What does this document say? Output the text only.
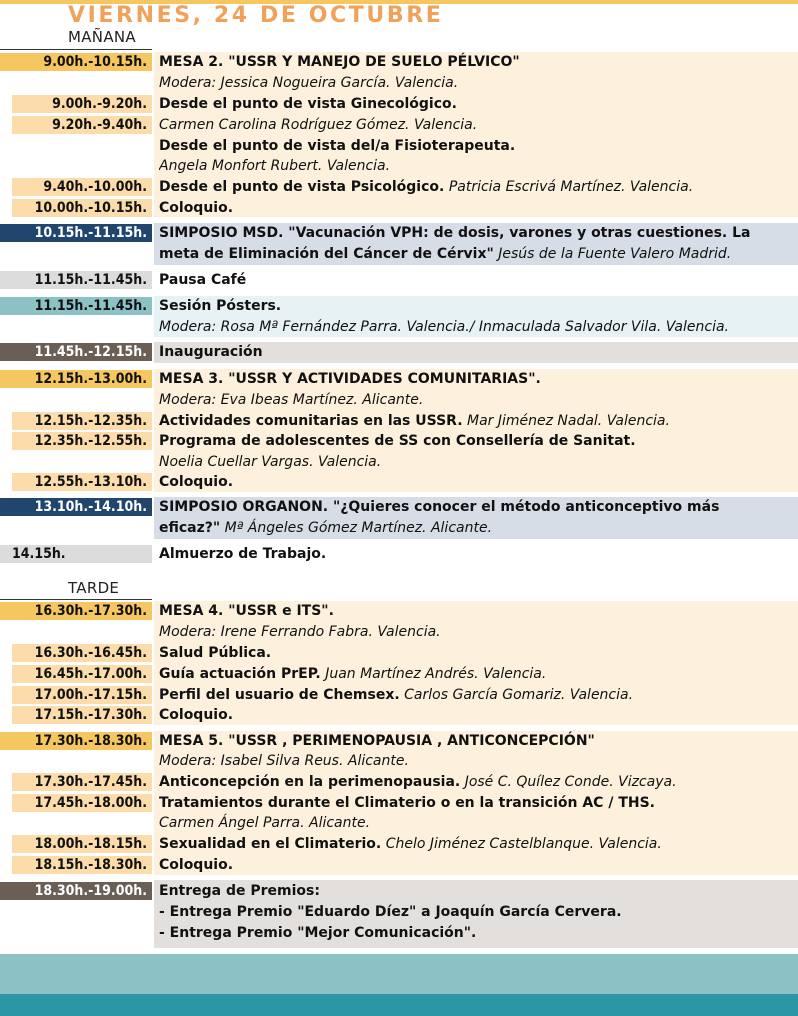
VIERNES, 24 DE OCTUBRE
MAÑANA
9.00h.-10.15h. MESA 2. "USSR Y MANEJO DE SUELO PÉLVICO"
Modera: Jessica Nogueira García. Valencia.
9.00h.-9.20h. Desde el punto de vista Ginecológico.
9.20h.-9.40h. Carmen Carolina Rodríguez Gómez. Valencia.
Desde el punto de vista del/a Fisioterapeuta.
Angela Monfort Rubert. Valencia.
9.40h.-10.00h. Desde el punto de vista Psicológico. Patricia Escrivá Martínez. Valencia.
10.00h.-10.15h. Coloquio.
10.15h.-11.15h. SIMPOSIO MSD. "Vacunación VPH: de dosis, varones y otras cuestiones. La
meta de Eliminación del Cáncer de Cérvix" Jesús de la Fuente Valero Madrid.
11.15h.-11.45h. Pausa Café
11.15h.-11.45h. Sesión Pósters.
Modera: Rosa Mª Fernández Parra. Valencia./ Inmaculada Salvador Vila. Valencia.
11.45h.-12.15h. Inauguración
12.15h.-13.00h. MESA 3. "USSR Y ACTIVIDADES COMUNITARIAS".
Modera: Eva Ibeas Martínez. Alicante.
12.15h.-12.35h. Actividades comunitarias en las USSR. Mar Jiménez Nadal. Valencia.
12.35h.-12.55h. Programa de adolescentes de SS con Consellería de Sanitat.
Noelia Cuellar Vargas. Valencia.
12.55h.-13.10h. Coloquio.
13.10h.-14.10h. SIMPOSIO ORGANON. "¿Quieres conocer el método anticonceptivo más
eficaz?" Mª Ángeles Gómez Martínez. Alicante.
14.15h.	Almuerzo de Trabajo.
TARDE
16.30h.-17.30h. MESA 4. "USSR e ITS".
Modera: Irene Ferrando Fabra. Valencia.
16.30h.-16.45h. Salud Pública.
16.45h.-17.00h. Guía actuación PrEP. Juan Martínez Andrés. Valencia.
17.00h.-17.15h. Perfil del usuario de Chemsex. Carlos García Gomariz. Valencia.
17.15h.-17.30h. Coloquio.
17.30h.-18.30h. MESA 5. "USSR , PERIMENOPAUSIA , ANTICONCEPCIÓN"
Modera: Isabel Silva Reus. Alicante.
17.30h.-17.45h. Anticoncepción en la perimenopausia. José C. Quílez Conde. Vizcaya.
17.45h.-18.00h. Tratamientos durante el Climaterio o en la transición AC / THS.
Carmen Ángel Parra. Alicante.
18.00h.-18.15h. Sexualidad en el Climaterio. Chelo Jiménez Castelblanque. Valencia.
18.15h.-18.30h. Coloquio.
18.30h.-19.00h. Entrega de Premios:
- Entrega Premio "Eduardo Díez" a Joaquín García Cervera.
- Entrega Premio "Mejor Comunicación".
